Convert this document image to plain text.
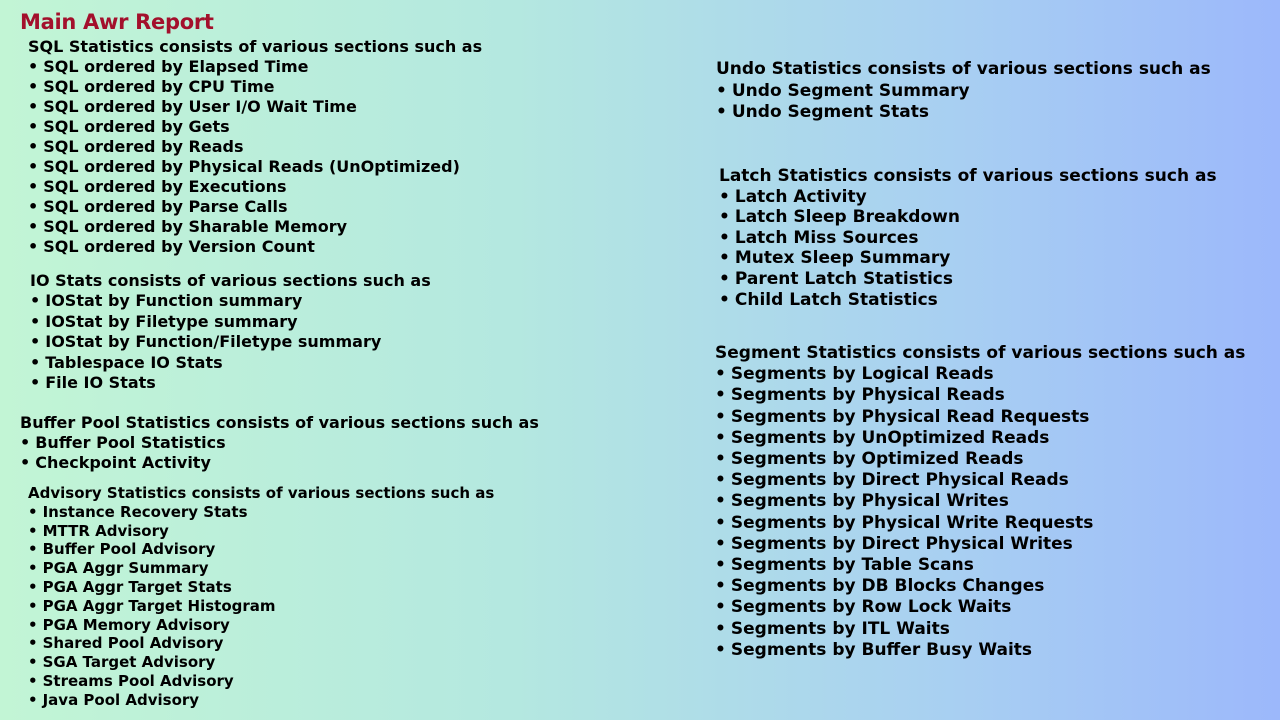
Main Awr Report
SQL Statistics consists of various sections such as
• SQL ordered by Elapsed Time
• SQL ordered by CPU Time
• SQL ordered by User I/O Wait Time
• SQL ordered by Gets
• SQL ordered by Reads
• SQL ordered by Physical Reads (UnOptimized)
• SQL ordered by Executions
• SQL ordered by Parse Calls
• SQL ordered by Sharable Memory
• SQL ordered by Version Count
IO Stats consists of various sections such as
• IOStat by Function summary
• IOStat by Filetype summary
• IOStat by Function/Filetype summary
• Tablespace IO Stats
• File IO Stats
Buffer Pool Statistics consists of various sections such as
• Buffer Pool Statistics
• Checkpoint Activity
Advisory Statistics consists of various sections such as
• Instance Recovery Stats
• MTTR Advisory
• Buffer Pool Advisory
• PGA Aggr Summary
• PGA Aggr Target Stats
• PGA Aggr Target Histogram
• PGA Memory Advisory
• Shared Pool Advisory
• SGA Target Advisory
• Streams Pool Advisory
• Java Pool Advisory
Undo Statistics consists of various sections such as
• Undo Segment Summary
• Undo Segment Stats
Latch Statistics consists of various sections such as
• Latch Activity
• Latch Sleep Breakdown
• Latch Miss Sources
• Mutex Sleep Summary
• Parent Latch Statistics
• Child Latch Statistics
Segment Statistics consists of various sections such as
• Segments by Logical Reads
• Segments by Physical Reads
• Segments by Physical Read Requests
• Segments by UnOptimized Reads
• Segments by Optimized Reads
• Segments by Direct Physical Reads
• Segments by Physical Writes
• Segments by Physical Write Requests
• Segments by Direct Physical Writes
• Segments by Table Scans
• Segments by DB Blocks Changes
• Segments by Row Lock Waits
• Segments by ITL Waits
• Segments by Buffer Busy Waits
